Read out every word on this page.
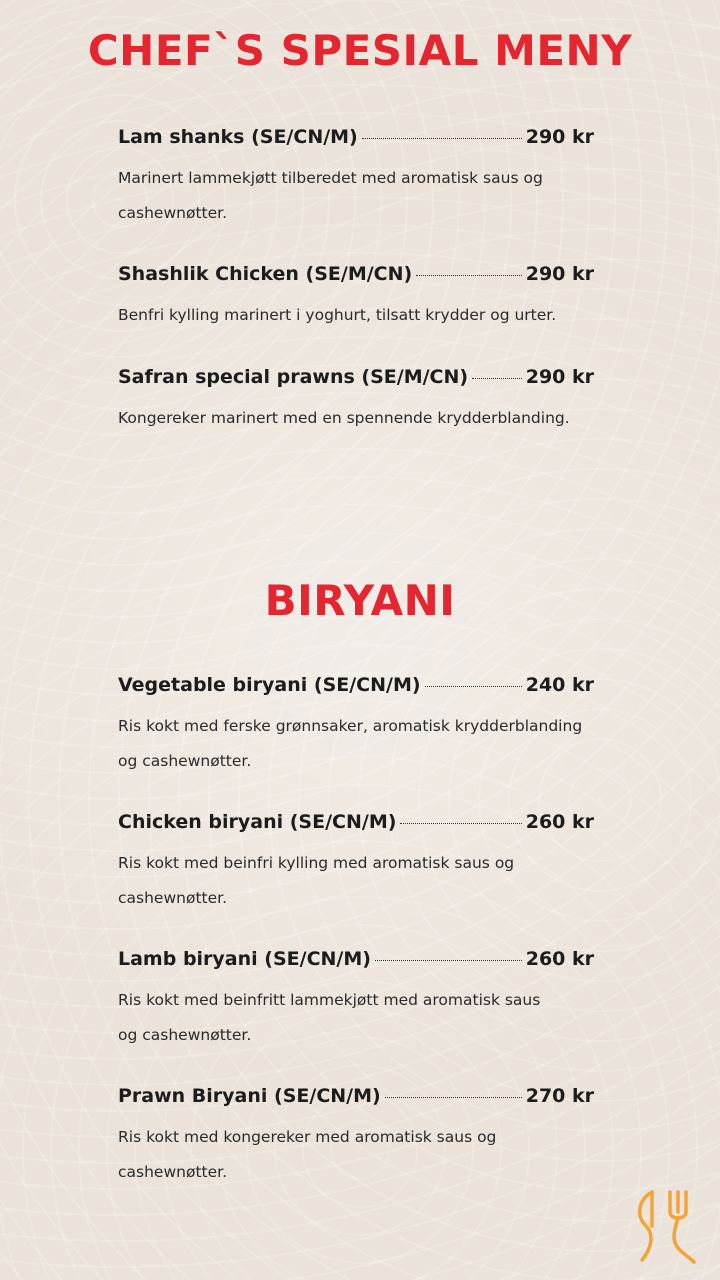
CHEF`S SPESIAL MENY
Lam shanks (SE/CN/M)	290 kr
Marinert lammekjøtt tilberedet med aromatisk saus og
cashewnøtter.
Shashlik Chicken (SE/M/CN)	290 kr
Benfri kylling marinert i yoghurt, tilsatt krydder og urter.
Safran special prawns (SE/M/CN)	290 kr
Kongereker marinert med en spennende krydderblanding.
BIRYANI
Vegetable biryani (SE/CN/M)	240 kr
Ris kokt med ferske grønnsaker, aromatisk krydderblanding
og cashewnøtter.
Chicken biryani (SE/CN/M)	260 kr
Ris kokt med beinfri kylling med aromatisk saus og
cashewnøtter.
Lamb biryani (SE/CN/M)	260 kr
Ris kokt med beinfritt lammekjøtt med aromatisk saus
og cashewnøtter.
Prawn Biryani (SE/CN/M)	270 kr
Ris kokt med kongereker med aromatisk saus og
cashewnøtter.
